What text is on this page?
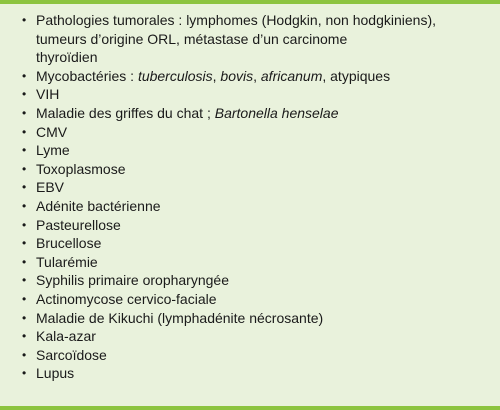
• Pathologies tumorales : lymphomes (Hodgkin, non hodgkiniens),
tumeurs d’origine ORL, métastase d’un carcinome
thyroïdien
• Mycobactéries : tuberculosis, bovis, africanum, atypiques
• VIH
• Maladie des griffes du chat ; Bartonella henselae
• CMV
• Lyme
• Toxoplasmose
• EBV
• Adénite bactérienne
• Pasteurellose
• Brucellose
• Tularémie
• Syphilis primaire oropharyngée
• Actinomycose cervico-faciale
• Maladie de Kikuchi (lymphadénite nécrosante)
• Kala-azar
• Sarcoïdose
• Lupus
